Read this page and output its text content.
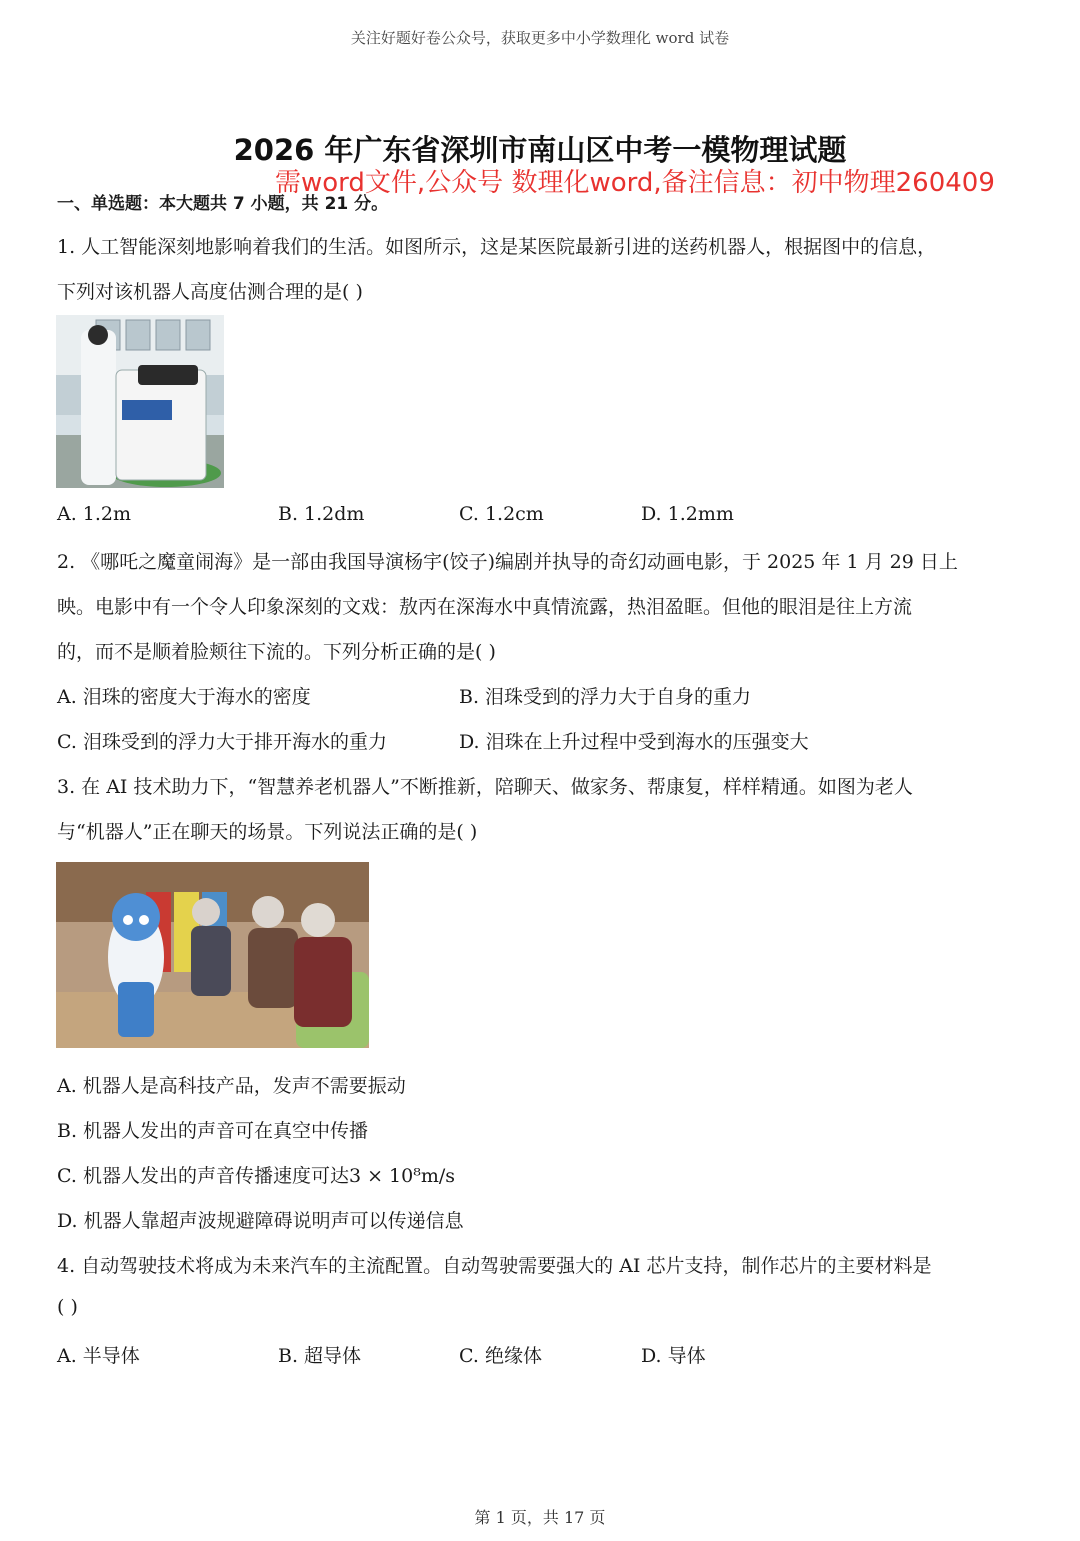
关注好题好卷公众号，获取更多中小学数理化 word 试卷
2026 年广东省深圳市南山区中考一模物理试题
需word文件,公众号 数理化word,备注信息：初中物理260409
一、单选题：本大题共 7 小题，共 21 分。
1. 人工智能深刻地影响着我们的生活。如图所示，这是某医院最新引进的送药机器人，根据图中的信息，
下列对该机器人高度估测合理的是( )
A. 1.2m	B. 1.2dm	C. 1.2cm	D. 1.2mm
2. 《哪吒之魔童闹海》是一部由我国导演杨宇(饺子)编剧并执导的奇幻动画电影，于 2025 年 1 月 29 日上
映。电影中有一个令人印象深刻的文戏：敖丙在深海水中真情流露，热泪盈眶。但他的眼泪是往上方流
的，而不是顺着脸颊往下流的。下列分析正确的是( )
A. 泪珠的密度大于海水的密度	B. 泪珠受到的浮力大于自身的重力
C. 泪珠受到的浮力大于排开海水的重力	D. 泪珠在上升过程中受到海水的压强变大
3. 在 AI 技术助力下，“智慧养老机器人”不断推新，陪聊天、做家务、帮康复，样样精通。如图为老人
与“机器人”正在聊天的场景。下列说法正确的是( )
A. 机器人是高科技产品，发声不需要振动
B. 机器人发出的声音可在真空中传播
C. 机器人发出的声音传播速度可达3 × 10⁸m/s
D. 机器人靠超声波规避障碍说明声可以传递信息
4. 自动驾驶技术将成为未来汽车的主流配置。自动驾驶需要强大的 AI 芯片支持，制作芯片的主要材料是
( )
A. 半导体	B. 超导体	C. 绝缘体	D. 导体
第 1 页，共 17 页
